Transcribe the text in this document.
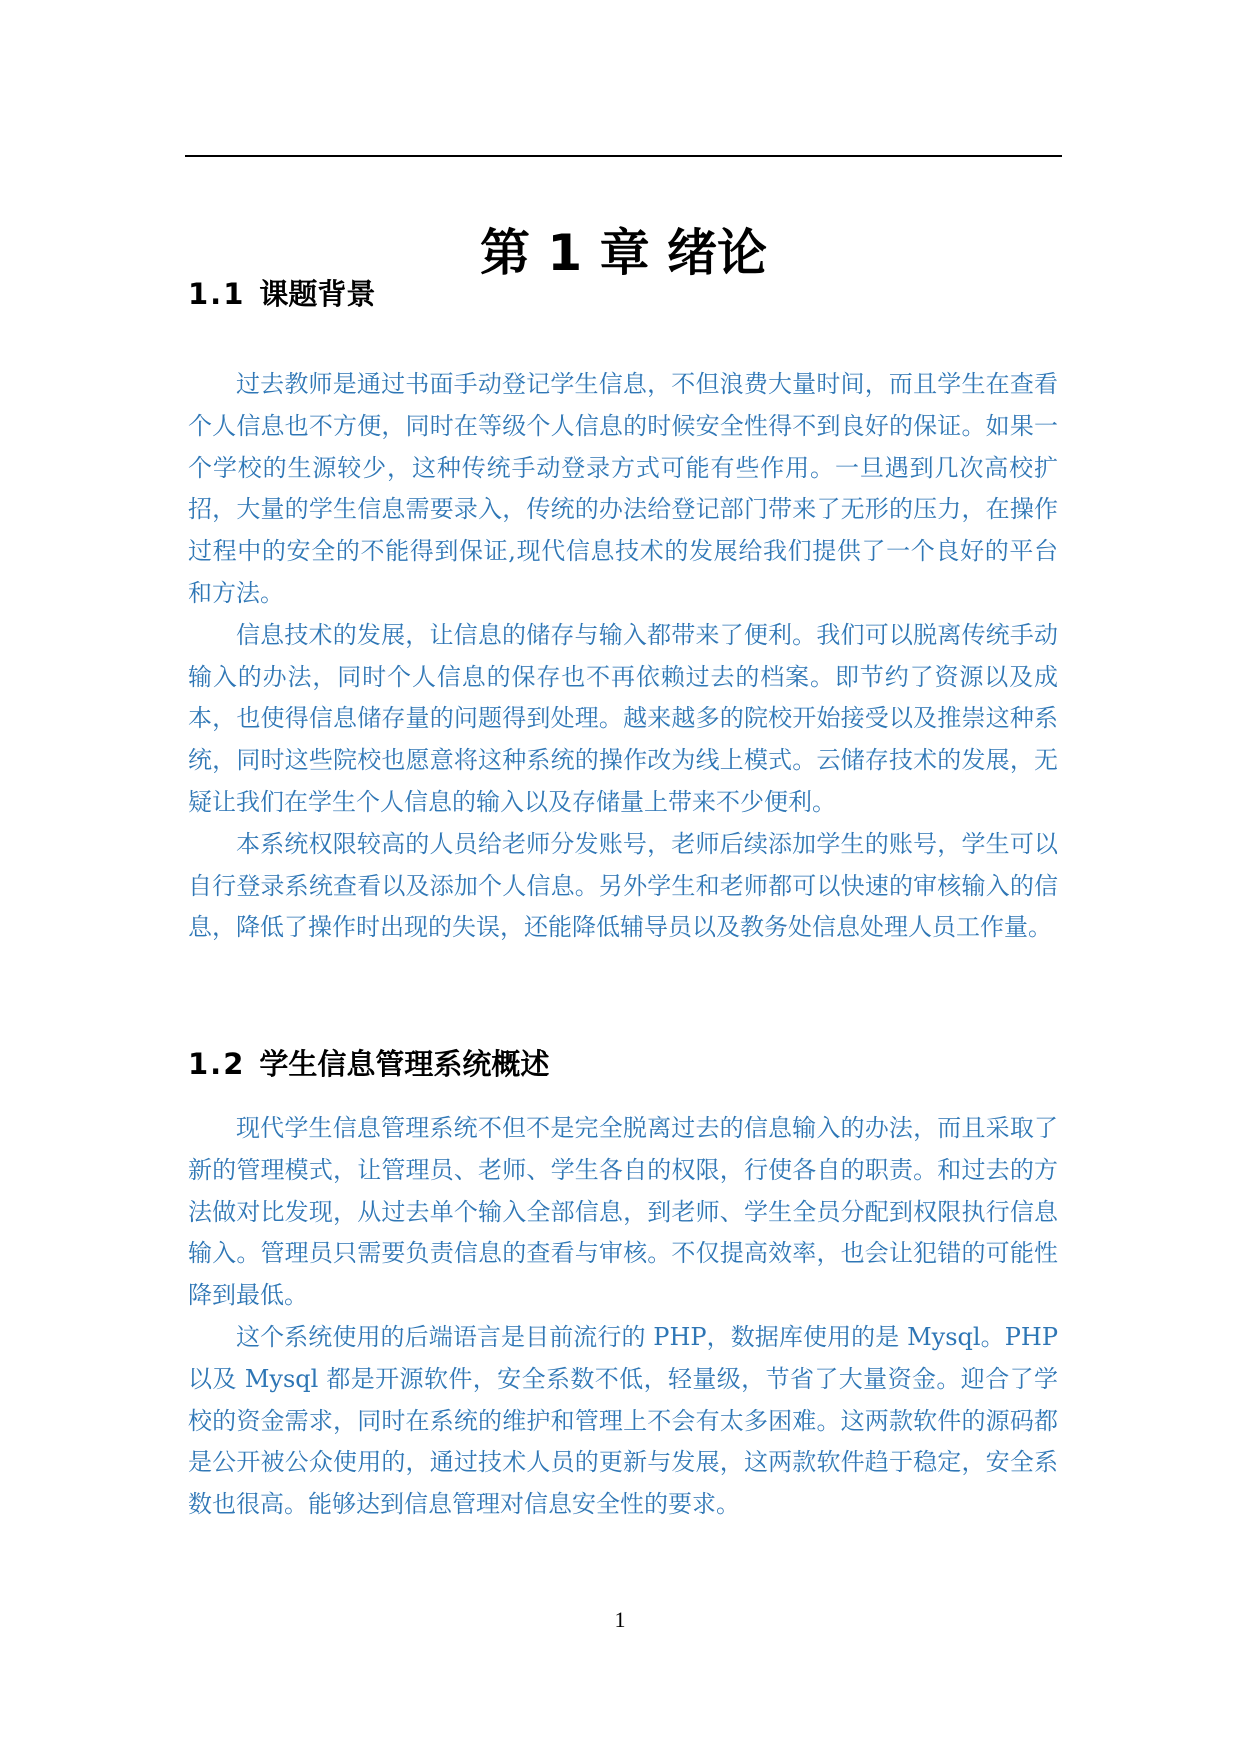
第 1 章 绪论
1.1 课题背景

过去教师是通过书面手动登记学生信息，不但浪费大量时间，而且学生在查看个人信息也不方便，同时在等级个人信息的时候安全性得不到良好的保证。如果一个学校的生源较少，这种传统手动登录方式可能有些作用。一旦遇到几次高校扩招，大量的学生信息需要录入，传统的办法给登记部门带来了无形的压力，在操作过程中的安全的不能得到保证,现代信息技术的发展给我们提供了一个良好的平台和方法。

信息技术的发展，让信息的储存与输入都带来了便利。我们可以脱离传统手动输入的办法，同时个人信息的保存也不再依赖过去的档案。即节约了资源以及成本，也使得信息储存量的问题得到处理。越来越多的院校开始接受以及推崇这种系统，同时这些院校也愿意将这种系统的操作改为线上模式。云储存技术的发展，无疑让我们在学生个人信息的输入以及存储量上带来不少便利。

本系统权限较高的人员给老师分发账号，老师后续添加学生的账号，学生可以自行登录系统查看以及添加个人信息。另外学生和老师都可以快速的审核输入的信息，降低了操作时出现的失误，还能降低辅导员以及教务处信息处理人员工作量。

1.2 学生信息管理系统概述

现代学生信息管理系统不但不是完全脱离过去的信息输入的办法，而且采取了新的管理模式，让管理员、老师、学生各自的权限，行使各自的职责。和过去的方法做对比发现，从过去单个输入全部信息，到老师、学生全员分配到权限执行信息输入。管理员只需要负责信息的查看与审核。不仅提高效率，也会让犯错的可能性降到最低。

这个系统使用的后端语言是目前流行的 PHP，数据库使用的是 Mysql。PHP 以及 Mysql 都是开源软件，安全系数不低，轻量级，节省了大量资金。迎合了学校的资金需求，同时在系统的维护和管理上不会有太多困难。这两款软件的源码都是公开被公众使用的，通过技术人员的更新与发展，这两款软件趋于稳定，安全系数也很高。能够达到信息管理对信息安全性的要求。

1
